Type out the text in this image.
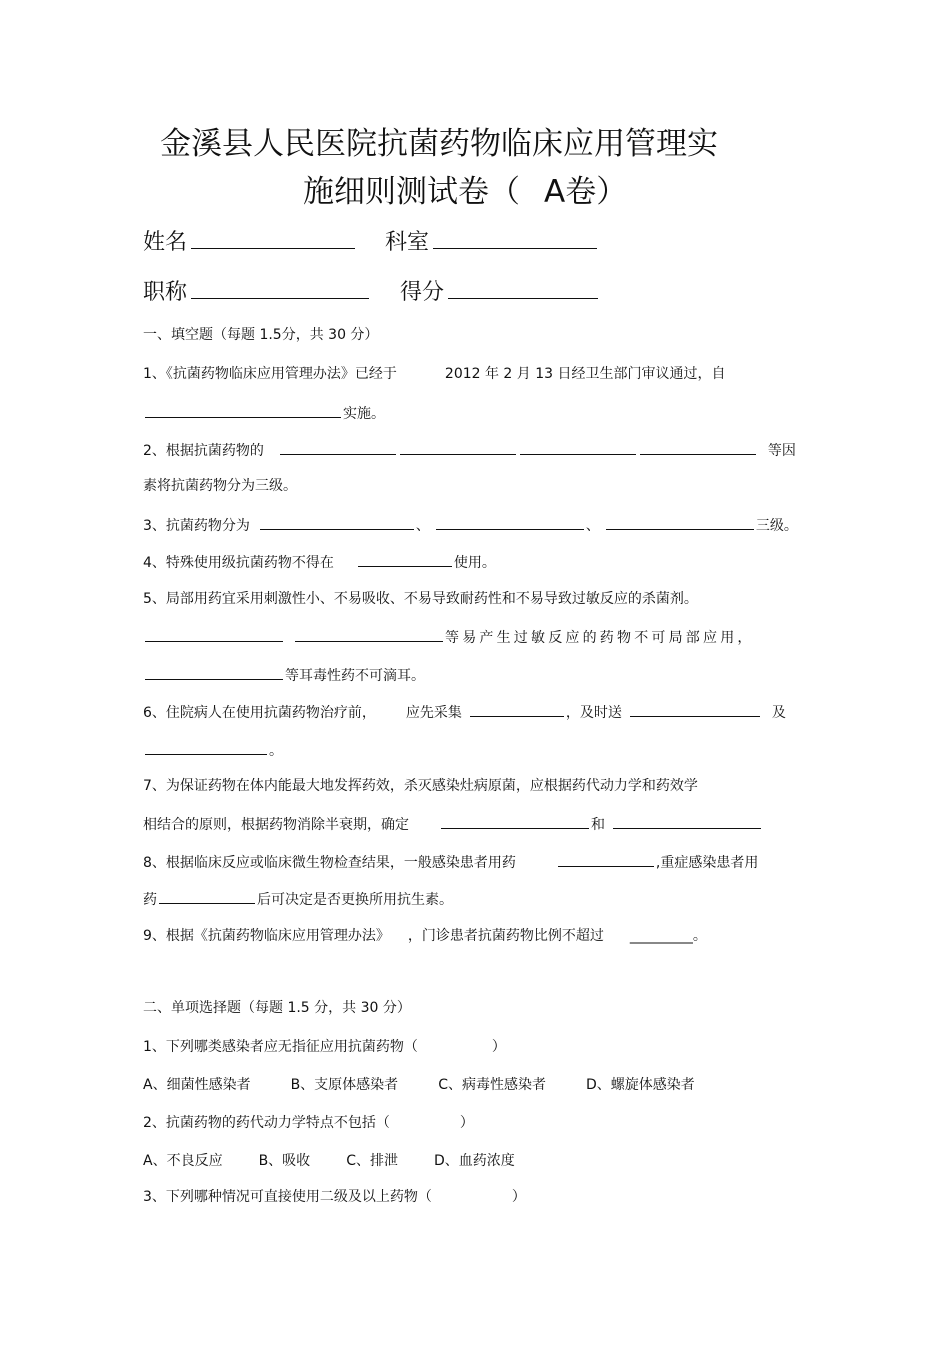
金溪县人民医院抗菌药物临床应用管理实
施细则测试卷（ A卷）
姓名	科室
职称	得分
一、填空题（每题 1.5分，共 30 分）
1、《抗菌药物临床应用管理办法》已经于	2012 年 2 月 13 日经卫生部门审议通过，自
实施。
2、根据抗菌药物的	等因
素将抗菌药物分为三级。
3、抗菌药物分为	、	、	三级。
4、特殊使用级抗菌药物不得在	使用。
5、局部用药宜采用刺激性小、不易吸收、不易导致耐药性和不易导致过敏反应的杀菌剂。
等易产生过敏反应的药物不可局部应用，
等耳毒性药不可滴耳。
6、住院病人在使用抗菌药物治疗前， 应先采集	，及时送	及
。
7、为保证药物在体内能最大地发挥药效，杀灭感染灶病原菌，应根据药代动力学和药效学
相结合的原则，根据药物消除半衰期，确定	和
8、根据临床反应或临床微生物检查结果，一般感染患者用药	,重症感染患者用
药	后可决定是否更换所用抗生素。
9、根据《抗菌药物临床应用管理办法》 ，门诊患者抗菌药物比例不超过 _________。
二、单项选择题（每题 1.5 分，共 30 分）
1、下列哪类感染者应无指征应用抗菌药物（	）
A、细菌性感染者	B、支原体感染者	C、病毒性感染者	D、螺旋体感染者
2、抗菌药物的药代动力学特点不包括（	）
A、不良反应	B、吸收	C、排泄	D、血药浓度
3、下列哪种情况可直接使用二级及以上药物（	）
